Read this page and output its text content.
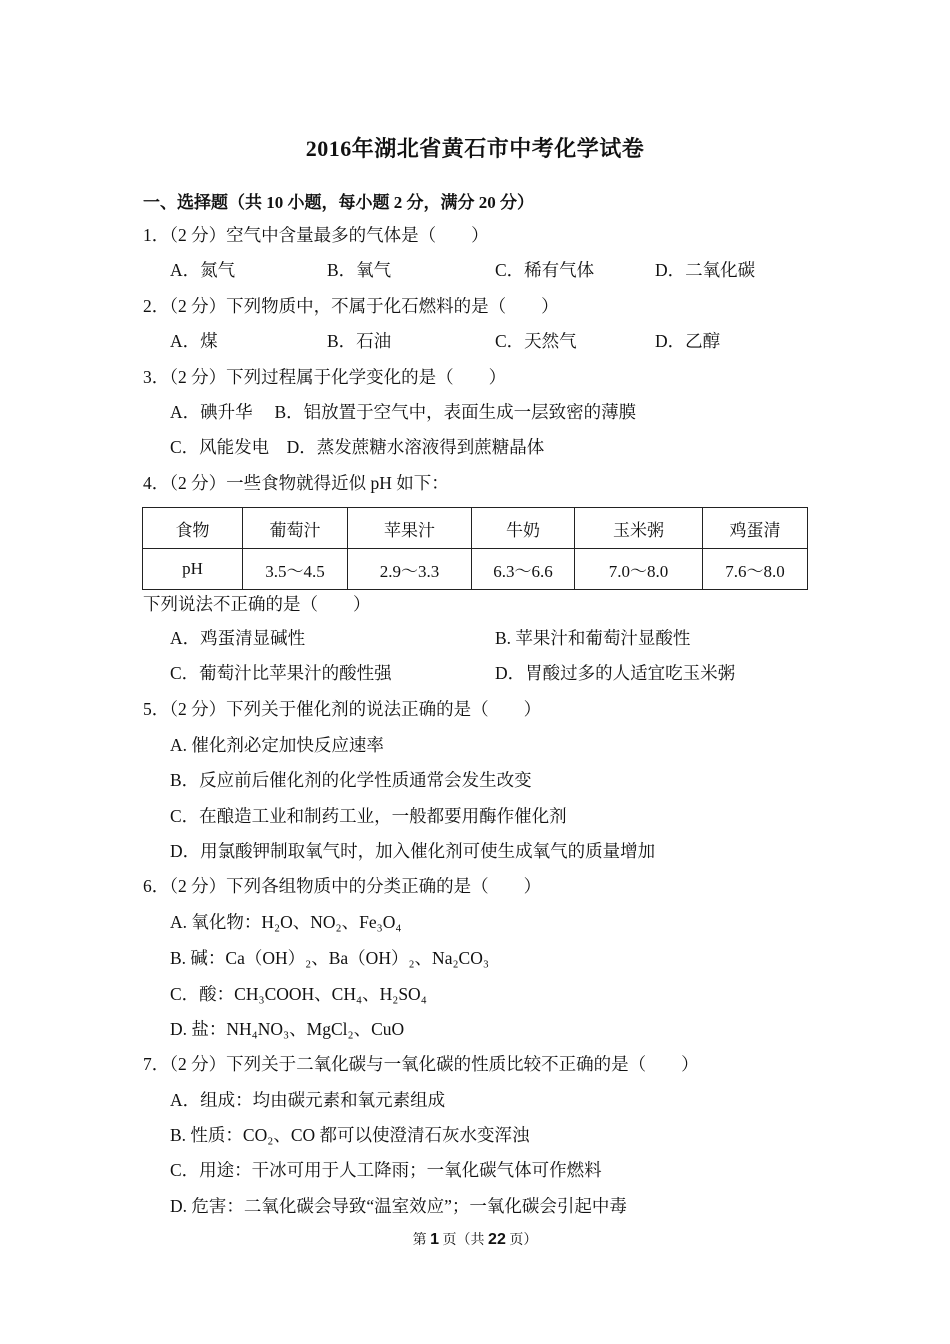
2016年湖北省黄石市中考化学试卷
一、选择题（共 10 小题，每小题 2 分，满分 20 分）
1．（2 分）空气中含量最多的气体是（　　）
A．氮气	B．氧气	C．稀有气体	D．二氧化碳
2．（2 分）下列物质中，不属于化石燃料的是（　　）
A．煤	B．石油	C．天然气	D．乙醇
3．（2 分）下列过程属于化学变化的是（　　）
A．碘升华　 B．铝放置于空气中，表面生成一层致密的薄膜
C．风能发电　D．蒸发蔗糖水溶液得到蔗糖晶体
4．（2 分）一些食物就得近似 pH 如下：
食物	葡萄汁	苹果汁	牛奶	玉米粥	鸡蛋清
pH	3.5～4.5	2.9～3.3	6.3～6.6	7.0～8.0	7.6～8.0
下列说法不正确的是（　　）
A．鸡蛋清显碱性	B. 苹果汁和葡萄汁显酸性
C．葡萄汁比苹果汁的酸性强	D．胃酸过多的人适宜吃玉米粥
5．（2 分）下列关于催化剂的说法正确的是（　　）
A. 催化剂必定加快反应速率
B．反应前后催化剂的化学性质通常会发生改变
C．在酿造工业和制药工业，一般都要用酶作催化剂
D．用氯酸钾制取氧气时，加入催化剂可使生成氧气的质量增加
6．（2 分）下列各组物质中的分类正确的是（　　）
A. 氧化物：H₂O、NO₂、Fe₃O₄
B. 碱：Ca（OH）₂、Ba（OH）₂、Na₂CO₃
C．酸：CH₃COOH、CH₄、H₂SO₄
D. 盐：NH₄NO₃、MgCl₂、CuO
7．（2 分）下列关于二氧化碳与一氧化碳的性质比较不正确的是（　　）
A．组成：均由碳元素和氧元素组成
B. 性质：CO₂、CO 都可以使澄清石灰水变浑浊
C．用途：干冰可用于人工降雨；一氧化碳气体可作燃料
D. 危害：二氧化碳会导致“温室效应”；一氧化碳会引起中毒
第 1 页（共 22 页）
